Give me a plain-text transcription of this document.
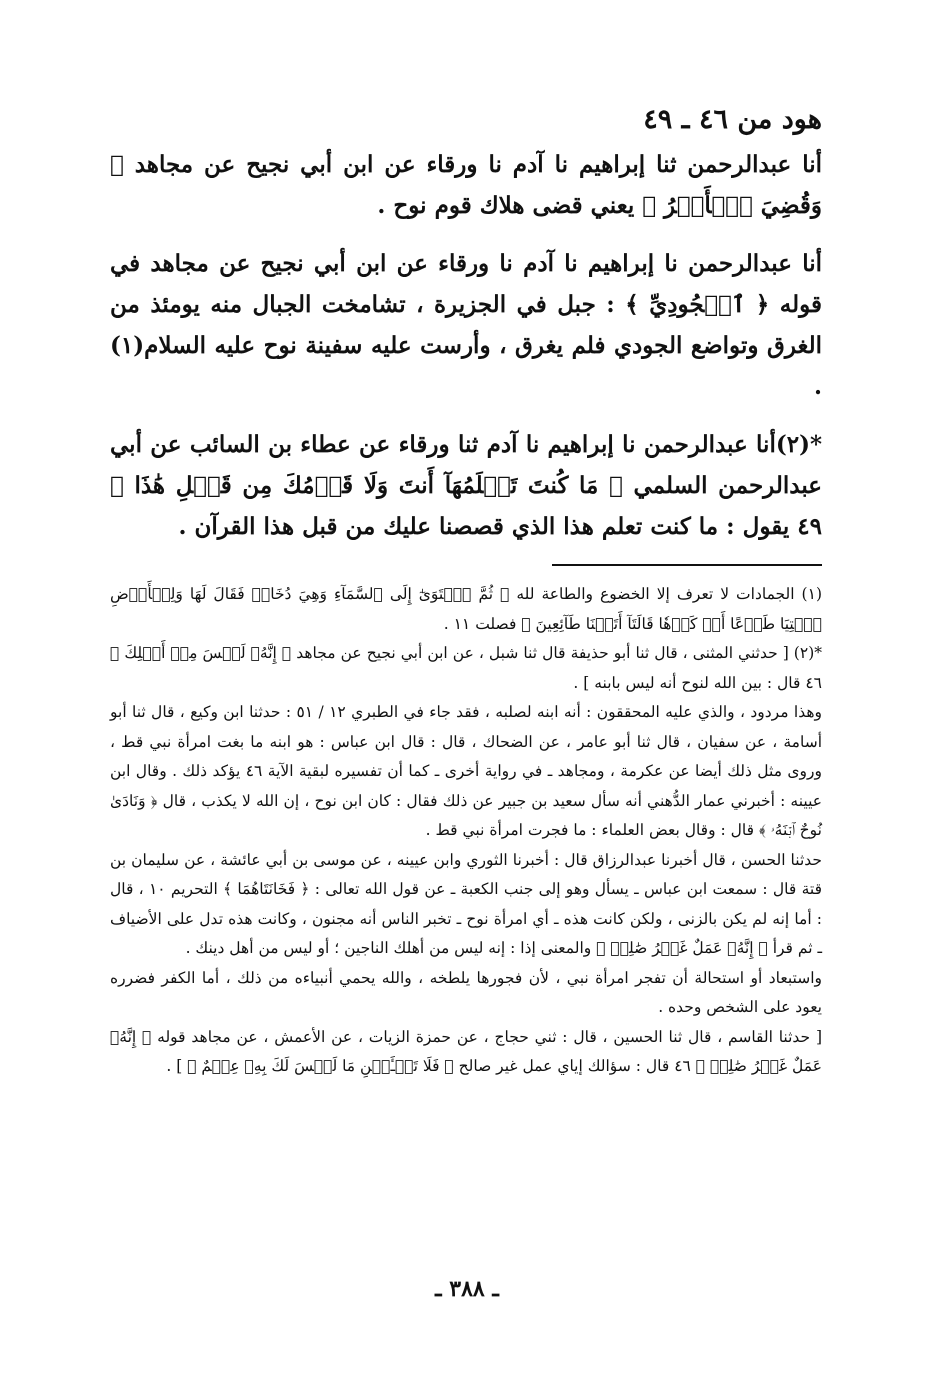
هود من ٤٦ ـ ٤٩

أنا عبدالرحمن ثنا إبراهيم نا آدم نا ورقاء عن ابن أبي نجيح عن مجاهد ﴿ وَقُضِيَ ٱلۡأَمۡرُ ﴾ يعني قضى هلاك قوم نوح .

أنا عبدالرحمن نا إبراهيم نا آدم نا ورقاء عن ابن أبي نجيح عن مجاهد في قوله ﴿ ٱلۡجُودِيِّ ﴾ : جبل في الجزيرة ، تشامخت الجبال منه يومئذ من الغرق وتواضع الجودي فلم يغرق ، وأرست عليه سفينة نوح عليه السلام(١) .

*(٢)أنا عبدالرحمن نا إبراهيم نا آدم ثنا ورقاء عن عطاء بن السائب عن أبي عبدالرحمن السلمي ﴿ مَا كُنتَ تَعۡلَمُهَآ أَنتَ وَلَا قَوۡمُكَ مِن قَبۡلِ هَٰذَا ﴾ ٤٩ يقول : ما كنت تعلم هذا الذي قصصنا عليك من قبل هذا القرآن .

(١) الجمادات لا تعرف إلا الخضوع والطاعة لله ﴿ ثُمَّ ٱسۡتَوَىٰٓ إِلَى ٱلسَّمَآءِ وَهِيَ دُخَانٞ فَقَالَ لَهَا وَلِلۡأَرۡضِ ٱئۡتِيَا طَوۡعًا أَوۡ كَرۡهٗا قَالَتَآ أَتَيۡنَا طَآئِعِينَ ﴾ فصلت ١١ .

*(٢) [ حدثني المثنى ، قال ثنا أبو حذيفة قال ثنا شبل ، عن ابن أبي نجيح عن مجاهد ﴿ إِنَّهُۥ لَيۡسَ مِنۡ أَهۡلِكَ ﴾ ٤٦ قال : بين الله لنوح أنه ليس بابنه ] .

وهذا مردود ، والذي عليه المحققون : أنه ابنه لصلبه ، فقد جاء في الطبري ١٢ / ٥١ : حدثنا ابن وكيع ، قال ثنا أبو أسامة ، عن سفيان ، قال ثنا أبو عامر ، عن الضحاك ، قال : قال ابن عباس : هو ابنه ما بغت امرأة نبي قط ، وروى مثل ذلك أيضا عن عكرمة ، ومجاهد ـ في رواية أخرى ـ كما أن تفسيره لبقية الآية ٤٦ يؤكد ذلك . وقال ابن عيينه : أخبرني عمار الدُّهني أنه سأل سعيد بن جبير عن ذلك فقال : كان ابن نوح ، إن الله لا يكذب ، قال ﴿ وَنَادَىٰ نُوحٌ ٱبۡنَهُۥ ﴾ قال : وقال بعض العلماء : ما فجرت امرأة نبي قط .

حدثنا الحسن ، قال أخبرنا عبدالرزاق قال : أخبرنا الثوري وابن عيينه ، عن موسى بن أبي عائشة ، عن سليمان بن قتة قال : سمعت ابن عباس ـ يسأل وهو إلى جنب الكعبة ـ عن قول الله تعالى : ﴿ فَخَانَتَاهُمَا ﴾ التحريم ١٠ ، قال : أما إنه لم يكن بالزنى ، ولكن كانت هذه ـ أي امرأة نوح ـ تخبر الناس أنه مجنون ، وكانت هذه تدل على الأضياف ـ ثم قرأ ﴿ إِنَّهُۥ عَمَلٌ غَيۡرُ صَٰلِحٖ ﴾ والمعنى إذا : إنه ليس من أهلك الناجين ؛ أو ليس من أهل دينك .

واستبعاد أو استحالة أن تفجر امرأة نبي ، لأن فجورها يلطخه ، والله يحمي أنبياءه من ذلك ، أما الكفر فضرره يعود على الشخص وحده .

[ حدثنا القاسم ، قال ثنا الحسين ، قال : ثني حجاج ، عن حمزة الزيات ، عن الأعمش ، عن مجاهد قوله ﴿ إِنَّهُۥ عَمَلٌ غَيۡرُ صَٰلِحٖ ﴾ ٤٦ قال : سؤالك إياي عمل غير صالح ﴿ فَلَا تَسۡـَٔلۡنِ مَا لَيۡسَ لَكَ بِهِۦ عِلۡمٌ ﴾ ] .

ـ ٣٨٨ ـ
